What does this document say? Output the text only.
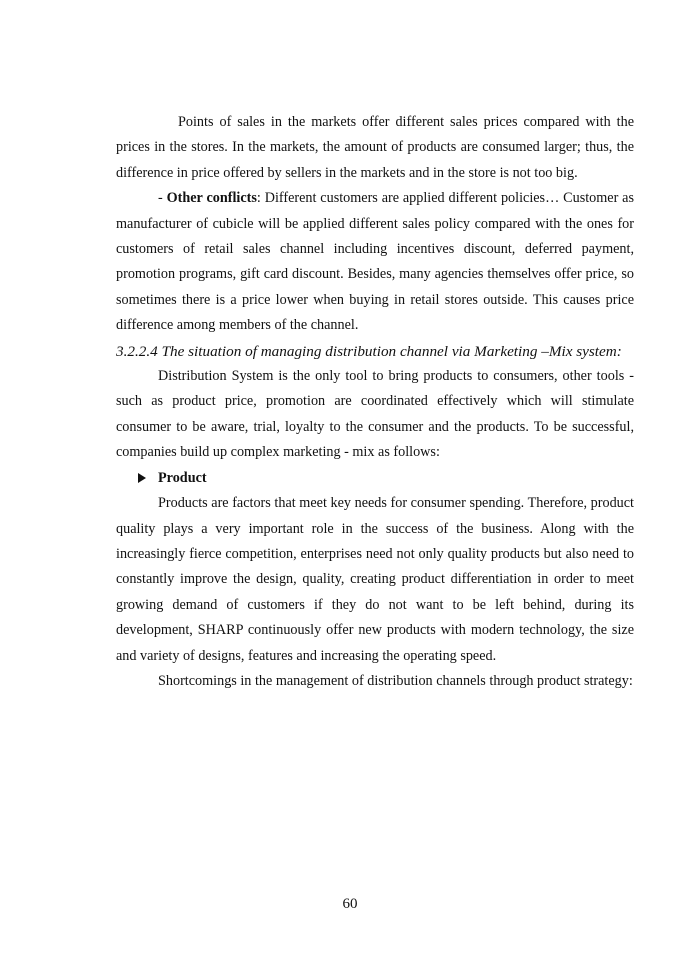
Points of sales in the markets offer different sales prices compared with the prices in the stores. In the markets, the amount of products are consumed larger; thus, the difference in price offered by sellers in the markets and in the store is not too big.

- Other conflicts: Different customers are applied different policies… Customer as manufacturer of cubicle will be applied different sales policy compared with the ones for customers of retail sales channel including incentives discount, deferred payment, promotion programs, gift card discount. Besides, many agencies themselves offer price, so sometimes there is a price lower when buying in retail stores outside. This causes price difference among members of the channel.

3.2.2.4 The situation of managing distribution channel via Marketing –Mix system:

Distribution System is the only tool to bring products to consumers, other tools - such as product price, promotion are coordinated effectively which will stimulate consumer to be aware, trial, loyalty to the consumer and the products. To be successful, companies build up complex marketing - mix as follows:

Product

Products are factors that meet key needs for consumer spending. Therefore, product quality plays a very important role in the success of the business. Along with the increasingly fierce competition, enterprises need not only quality products but also need to constantly improve the design, quality, creating product differentiation in order to meet growing demand of customers if they do not want to be left behind, during its development, SHARP continuously offer new products with modern technology, the size and variety of designs, features and increasing the operating speed.

Shortcomings in the management of distribution channels through product strategy:

60
